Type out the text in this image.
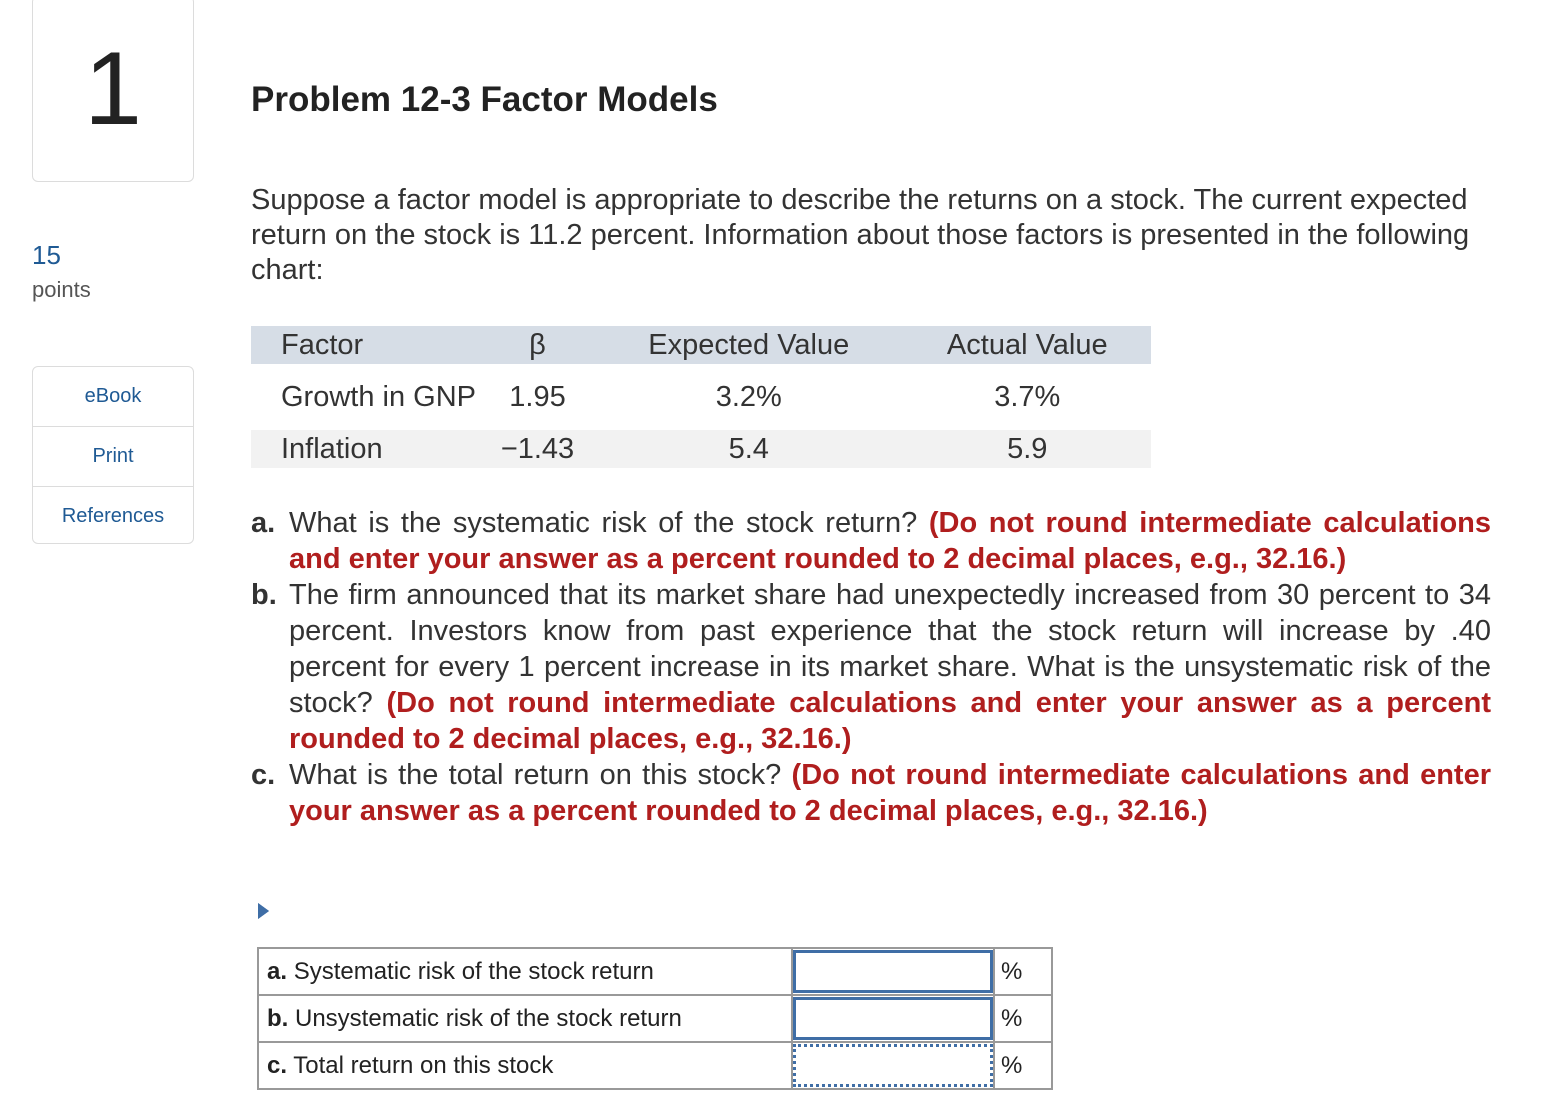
1
15
points
eBook
Print
References
Problem 12-3 Factor Models
Suppose a factor model is appropriate to describe the returns on a stock. The current expected return on the stock is 11.2 percent. Information about those factors is presented in the following chart:
Factor	β	Expected Value	Actual Value
Growth in GNP	1.95	3.2%	3.7%
Inflation	−1.43	5.4	5.9
a. What is the systematic risk of the stock return? (Do not round intermediate calculations and enter your answer as a percent rounded to 2 decimal places, e.g., 32.16.)
b. The firm announced that its market share had unexpectedly increased from 30 percent to 34 percent. Investors know from past experience that the stock return will increase by .40 percent for every 1 percent increase in its market share. What is the unsystematic risk of the stock? (Do not round intermediate calculations and enter your answer as a percent rounded to 2 decimal places, e.g., 32.16.)
c. What is the total return on this stock? (Do not round intermediate calculations and enter your answer as a percent rounded to 2 decimal places, e.g., 32.16.)
a. Systematic risk of the stock return		%
b. Unsystematic risk of the stock return		%
c. Total return on this stock		%
